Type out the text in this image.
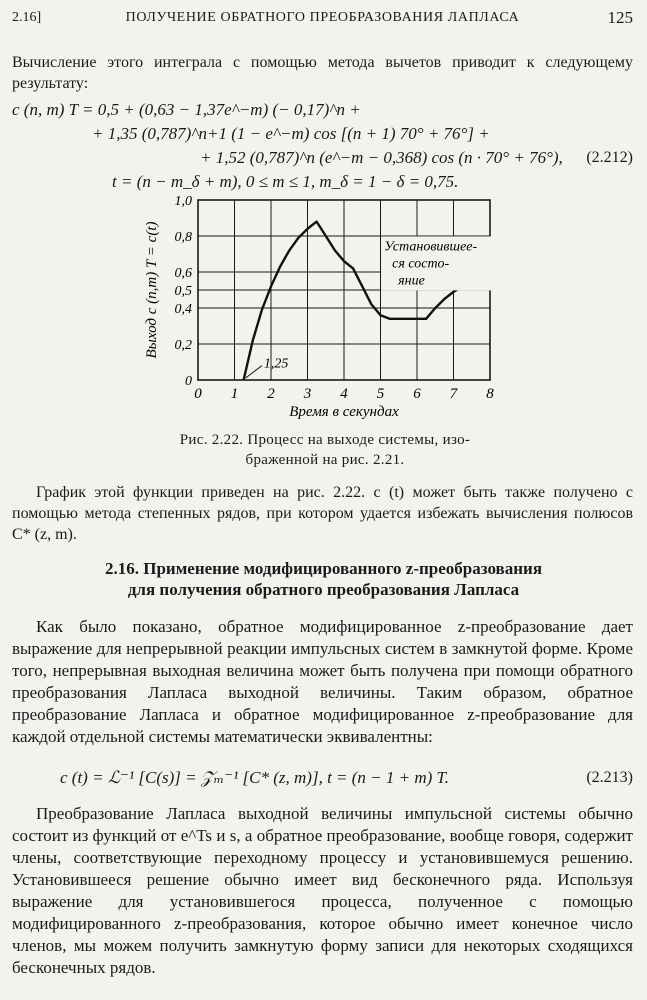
2.16]	ПОЛУЧЕНИЕ ОБРАТНОГО ПРЕОБРАЗОВАНИЯ ЛАПЛАСА	125

Вычисление этого интеграла с помощью метода вычетов приводит к следующему результату:

c (n, m) T = 0,5 + (0,63 − 1,37e^−m) (− 0,17)^n +
+ 1,35 (0,787)^n+1 (1 − e^−m) cos [(n + 1) 70° + 76°] +
+ 1,52 (0,787)^n (e^−m − 0,368) cos (n · 70° + 76°), (2.212)
t = (n − m_δ + m), 0 ≤ m ≤ 1, m_δ = 1 − δ = 0,75.
0 1 2 3 4 5 6 7 8
0
0,2
0,4
0,5
0,6
0,8
1,0
1,25
Установившее-
ся состо-
яние
Время в секундах
Выход c (n,m) T = c(t)
Рис. 2.22. Процесс на выходе системы, изо-
браженной на рис. 2.21.

График этой функции приведен на рис. 2.22. c (t) может быть также получено с помощью метода степенных рядов, при котором удается избежать вычисления полюсов C* (z, m).

2.16. Применение модифицированного z-преобразования
для получения обратного преобразования Лапласа

Как было показано, обратное модифицированное z-преобразование дает выражение для непрерывной реакции импульсных систем в замкнутой форме. Кроме того, непрерывная выходная величина может быть получена при помощи обратного преобразования Лапласа выходной величины. Таким образом, обратное преобразование Лапласа и обратное модифицированное z-преобразование для каждой отдельной системы математически эквивалентны:

c (t) = ℒ⁻¹ [C(s)] = 𝒵ₘ⁻¹ [C* (z, m)], t = (n − 1 + m) T.	(2.213)

Преобразование Лапласа выходной величины импульсной системы обычно состоит из функций от e^Ts и s, а обратное преобразование, вообще говоря, содержит члены, соответствующие переходному процессу и установившемуся решению. Установившееся решение обычно имеет вид бесконечного ряда. Используя выражение для установившегося процесса, полученное с помощью модифицированного z-преобразования, которое обычно имеет конечное число членов, мы можем получить замкнутую форму записи для некоторых сходящихся бесконечных рядов.
